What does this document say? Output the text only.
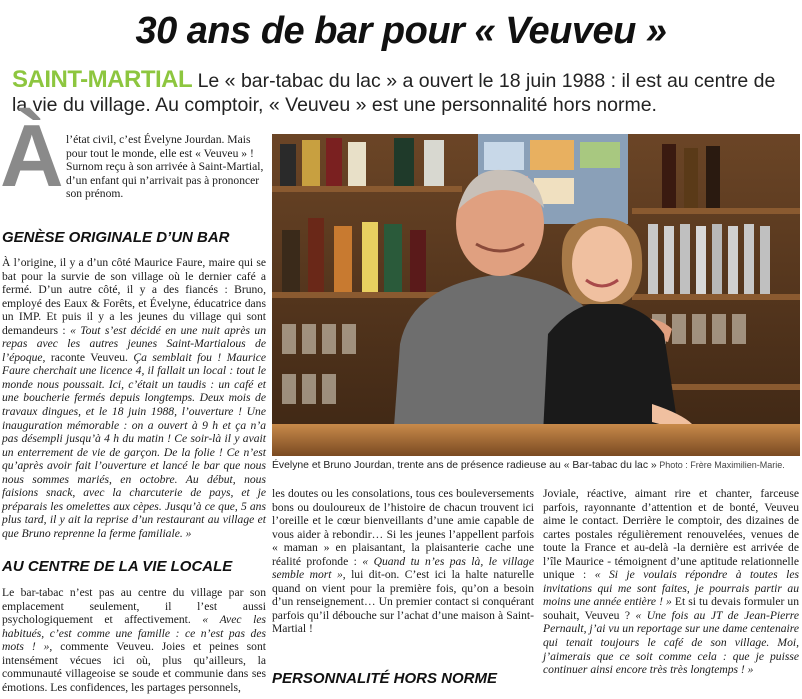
30 ans de bar pour « Veuveu »
SAINT-MARTIAL Le « bar-tabac du lac » a ouvert le 18 juin 1988 : il est au centre de la vie du village. Au comptoir, « Veuveu » est une personnalité hors norme.
À l’état civil, c’est Évelyne Jourdan. Mais pour tout le monde, elle est « Veuveu » ! Surnom reçu à son arrivée à Saint-Martial, d’un enfant qui n’arrivait pas à prononcer son prénom.
GENÈSE ORIGINALE D’UN BAR
À l’origine, il y a d’un côté Maurice Faure, maire qui se bat pour la survie de son village où le dernier café a fermé. D’un autre côté, il y a des fiancés : Bruno, employé des Eaux & Forêts, et Évelyne, éducatrice dans un IMP. Et puis il y a les jeunes du village qui sont demandeurs : « Tout s’est décidé en une nuit après un repas avec les autres jeunes Saint-Martialous de l’époque, raconte Veuveu. Ça semblait fou ! Maurice Faure cherchait une licence 4, il fallait un local : tout le monde nous poussait. Ici, c’était un taudis : un café et une boucherie fermés depuis longtemps. Deux mois de travaux dingues, et le 18 juin 1988, l’ouverture ! Une inauguration mémorable : on a ouvert à 9 h et ça n’a pas désempli jusqu’à 4 h du matin ! Ce soir-là il y avait un enterrement de vie de garçon. De la folie ! Ce n’est qu’après avoir fait l’ouverture et lancé le bar que nous nous sommes mariés, en octobre. Au début, nous faisions snack, avec la charcuterie de pays, et je préparais les omelettes aux cèpes. Jusqu’à ce que, 5 ans plus tard, il y ait la reprise d’un restaurant au village et que Bruno reprenne la ferme familiale. »
AU CENTRE DE LA VIE LOCALE
Le bar-tabac n’est pas au centre du village par son emplacement seulement, il l’est aussi psychologiquement et affectivement. « Avec les habitués, c’est comme une famille : ce n’est pas des mots ! », commente Veuveu. Joies et peines sont intensément vécues ici où, plus qu’ailleurs, la communauté villageoise se soude et communie dans ses émotions. Les confidences, les partages personnels,
Évelyne et Bruno Jourdan, trente ans de présence radieuse au « Bar-tabac du lac » Photo : Frère Maximilien-Marie.
les doutes ou les consolations, tous ces bouleversements bons ou douloureux de l’histoire de chacun trouvent ici l’oreille et le cœur bienveillants d’une amie capable de vous aider à rebondir… Si les jeunes l’appellent parfois « maman » en plaisantant, la plaisanterie cache une réalité profonde : « Quand tu n’es pas là, le village semble mort », lui dit-on. C’est ici la halte naturelle quand on vient pour la première fois, qu’on a besoin d’un renseignement… Un premier contact si conquérant parfois qu’il débouche sur l’achat d’une maison à Saint-Martial !
PERSONNALITÉ HORS NORME
Joviale, réactive, aimant rire et chanter, farceuse parfois, rayonnante d’attention et de bonté, Veuveu aime le contact. Derrière le comptoir, des dizaines de cartes postales régulièrement renouvelées, venues de toute la France et au-delà -la dernière est arrivée de l’île Maurice - témoignent d’une aptitude relationnelle unique : « Si je voulais répondre à toutes les invitations qui me sont faites, je pourrais partir au moins une année entière ! » Et si tu devais formuler un souhait, Veuveu ? « Une fois au JT de Jean-Pierre Pernault, j’ai vu un reportage sur une dame centenaire qui tenait toujours le café de son village. Moi, j’aimerais que ce soit comme cela : que je puisse continuer ainsi encore très très longtemps ! »
